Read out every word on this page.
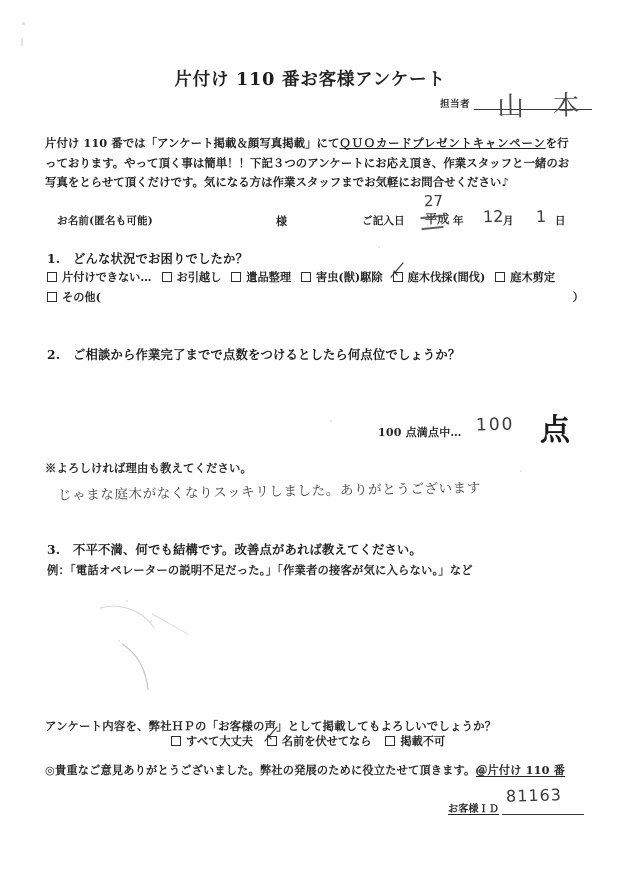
片付け 110 番お客様アンケート
担当者 山 本
片付け 110 番では「アンケート掲載＆顔写真掲載」にてＱＵＯカードプレゼントキャンペーンを行っております。やって頂く事は簡単！！下記３つのアンケートにお応え頂き、作業スタッフと一緒のお写真をとらせて頂くだけです。気になる方は作業スタッフまでお気軽にお問合せください♪
お名前(匿名も可能)	様	ご記入日 平成
27
年 12 月 1 日
1. どんな状況でお困りでしたか？
片付けできない… お引越し 遺品整理 害虫(獣)駆除 庭木伐採(間伐) 庭木剪定
その他(	）
2. ご相談から作業完了までで点数をつけるとしたら何点位でしょうか？
100 点満点中… 100 点
※よろしければ理由も教えてください。
じゃまな庭木がなくなりスッキリしました。ありがとうございます
3. 不平不満、何でも結構です。改善点があれば教えてください。
例：「電話オペレーターの説明不足だった。」「作業者の接客が気に入らない。」など
アンケート内容を、弊社ＨＰの「お客様の声」として掲載してもよろしいでしょうか？
すべて大丈夫	名前を伏せてなら	掲載不可
◎貴重なご意見ありがとうございました。弊社の発展のために役立たせて頂きます。◎
＠片付け 110 番
お客様ＩＤ
81163
